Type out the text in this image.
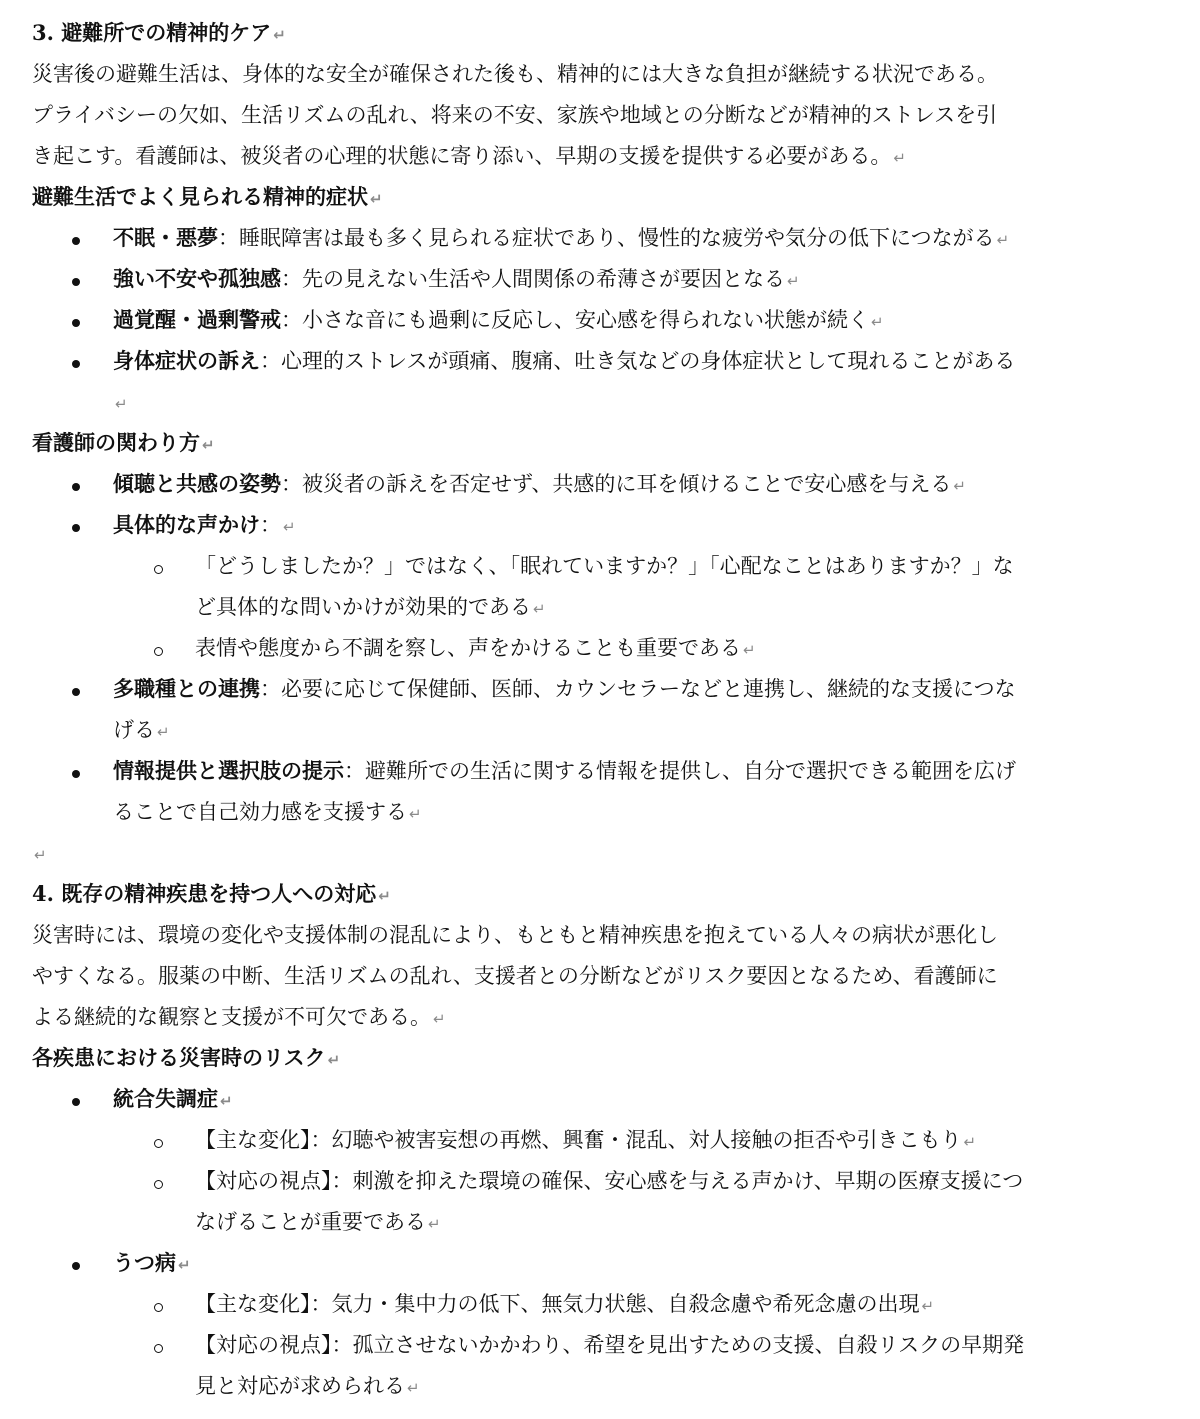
3. 避難所での精神的ケア ↵
災害後の避難生活は、身体的な安全が確保された後も、精神的には大きな負担が継続する状況である。
プライバシーの欠如、生活リズムの乱れ、将来の不安、家族や地域との分断などが精神的ストレスを引
き起こす。看護師は、被災者の心理的状態に寄り添い、早期の支援を提供する必要がある。 ↵
避難生活でよく見られる精神的症状 ↵
不眠・悪夢：睡眠障害は最も多く見られる症状であり、慢性的な疲労や気分の低下につながる ↵
強い不安や孤独感：先の見えない生活や人間関係の希薄さが要因となる ↵
過覚醒・過剰警戒：小さな音にも過剰に反応し、安心感を得られない状態が続く ↵
身体症状の訴え：心理的ストレスが頭痛、腹痛、吐き気などの身体症状として現れることがある
↵
看護師の関わり方 ↵
傾聴と共感の姿勢：被災者の訴えを否定せず、共感的に耳を傾けることで安心感を与える ↵
具体的な声かけ： ↵
「どうしましたか？」ではなく、「眠れていますか？」「心配なことはありますか？」な
ど具体的な問いかけが効果的である ↵
表情や態度から不調を察し、声をかけることも重要である ↵
多職種との連携：必要に応じて保健師、医師、カウンセラーなどと連携し、継続的な支援につな
げる ↵
情報提供と選択肢の提示：避難所での生活に関する情報を提供し、自分で選択できる範囲を広げ
ることで自己効力感を支援する ↵
↵
4. 既存の精神疾患を持つ人への対応 ↵
災害時には、環境の変化や支援体制の混乱により、もともと精神疾患を抱えている人々の病状が悪化し
やすくなる。服薬の中断、生活リズムの乱れ、支援者との分断などがリスク要因となるため、看護師に
よる継続的な観察と支援が不可欠である。 ↵
各疾患における災害時のリスク ↵
統合失調症 ↵
【主な変化】：幻聴や被害妄想の再燃、興奮・混乱、対人接触の拒否や引きこもり ↵
【対応の視点】：刺激を抑えた環境の確保、安心感を与える声かけ、早期の医療支援につ
なげることが重要である ↵
うつ病 ↵
【主な変化】：気力・集中力の低下、無気力状態、自殺念慮や希死念慮の出現 ↵
【対応の視点】：孤立させないかかわり、希望を見出すための支援、自殺リスクの早期発
見と対応が求められる ↵
